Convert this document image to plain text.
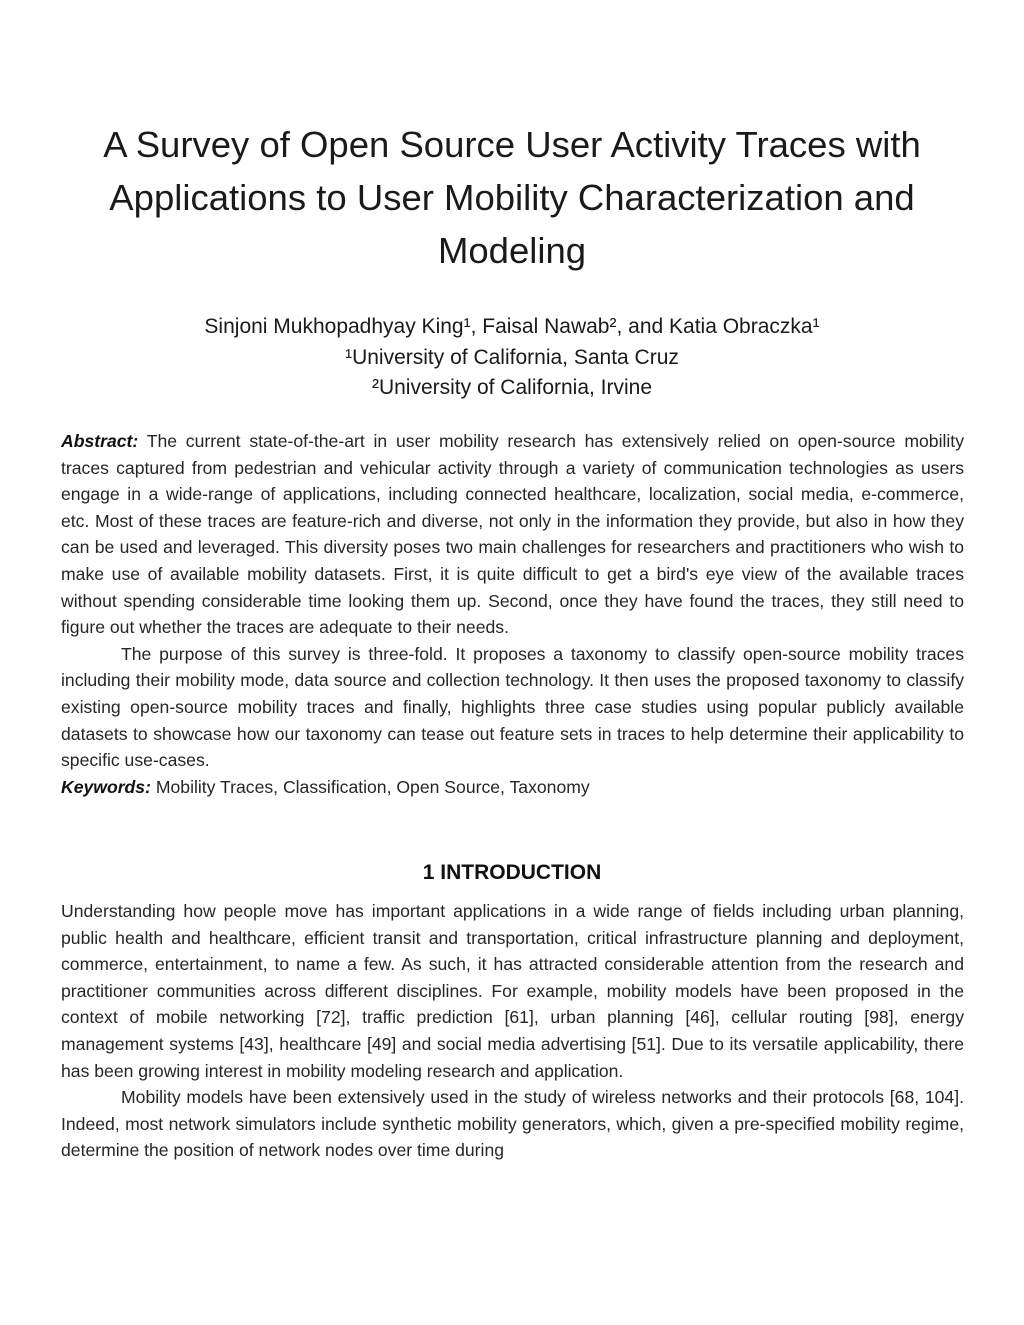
A Survey of Open Source User Activity Traces with
Applications to User Mobility Characterization and
Modeling
Sinjoni Mukhopadhyay King¹, Faisal Nawab², and Katia Obraczka¹
¹University of California, Santa Cruz
²University of California, Irvine

Abstract: The current state-of-the-art in user mobility research has extensively relied on open-source mobility traces captured from pedestrian and vehicular activity through a variety of communication technologies as users engage in a wide-range of applications, including connected healthcare, localization, social media, e-commerce, etc. Most of these traces are feature-rich and diverse, not only in the information they provide, but also in how they can be used and leveraged. This diversity poses two main challenges for researchers and practitioners who wish to make use of available mobility datasets. First, it is quite difficult to get a bird's eye view of the available traces without spending considerable time looking them up. Second, once they have found the traces, they still need to figure out whether the traces are adequate to their needs.

The purpose of this survey is three-fold. It proposes a taxonomy to classify open-source mobility traces including their mobility mode, data source and collection technology. It then uses the proposed taxonomy to classify existing open-source mobility traces and finally, highlights three case studies using popular publicly available datasets to showcase how our taxonomy can tease out feature sets in traces to help determine their applicability to specific use-cases.

Keywords: Mobility Traces, Classification, Open Source, Taxonomy

1 INTRODUCTION

Understanding how people move has important applications in a wide range of fields including urban planning, public health and healthcare, efficient transit and transportation, critical infrastructure planning and deployment, commerce, entertainment, to name a few. As such, it has attracted considerable attention from the research and practitioner communities across different disciplines. For example, mobility models have been proposed in the context of mobile networking [72], traffic prediction [61], urban planning [46], cellular routing [98], energy management systems [43], healthcare [49] and social media advertising [51]. Due to its versatile applicability, there has been growing interest in mobility modeling research and application.

Mobility models have been extensively used in the study of wireless networks and their protocols [68, 104]. Indeed, most network simulators include synthetic mobility generators, which, given a pre-specified mobility regime, determine the position of network nodes over time during
